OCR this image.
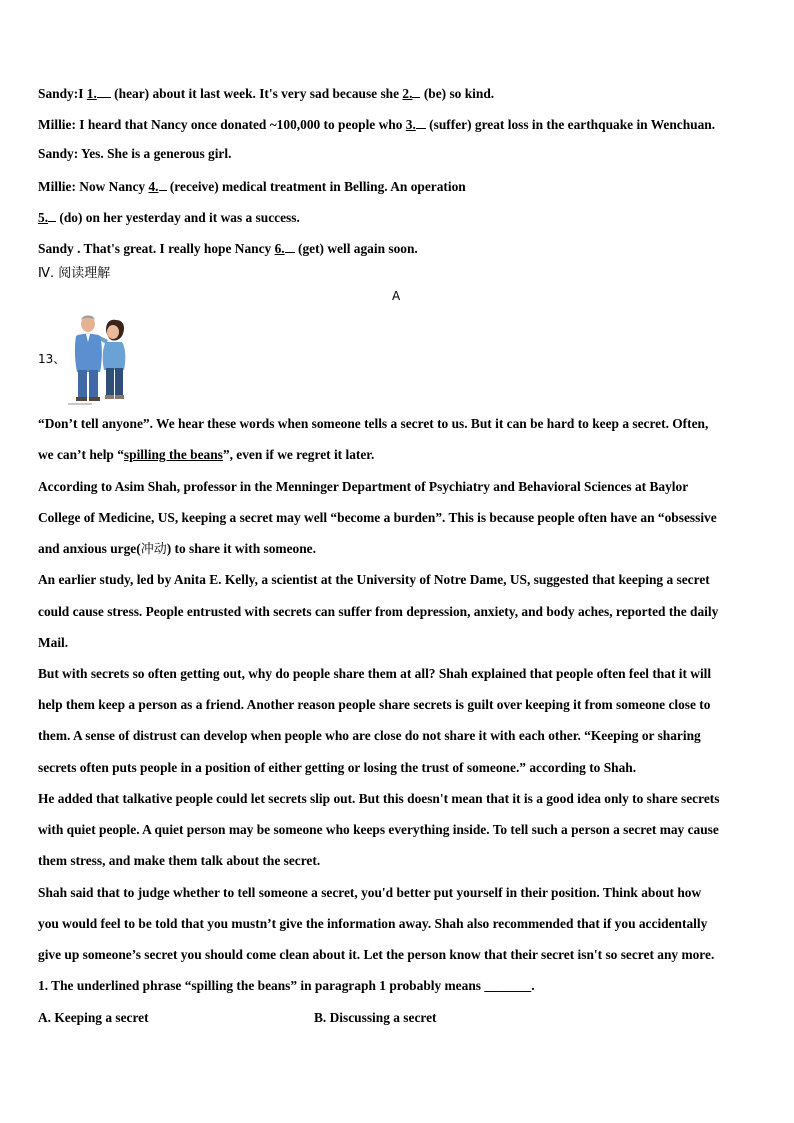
Sandy:I 1. (hear) about it last week. It's very sad because she 2. (be) so kind.
Millie: I heard that Nancy once donated ~100,000 to people who 3. (suffer) great loss in the earthquake in Wenchuan.
Sandy: Yes. She is a generous girl.
Millie: Now Nancy 4. (receive) medical treatment in Belling. An operation
5. (do) on her yesterday and it was a success.
Sandy . That's great. I really hope Nancy 6. (get) well again soon.
Ⅳ. 阅读理解
A
13、
“Don’t tell anyone”. We hear these words when someone tells a secret to us. But it can be hard to keep a secret. Often,
we can’t help “spilling the beans”, even if we regret it later.
According to Asim Shah, professor in the Menninger Department of Psychiatry and Behavioral Sciences at Baylor
College of Medicine, US, keeping a secret may well “become a burden”. This is because people often have an “obsessive
and anxious urge(冲动) to share it with someone.
An earlier study, led by Anita E. Kelly, a scientist at the University of Notre Dame, US, suggested that keeping a secret
could cause stress. People entrusted with secrets can suffer from depression, anxiety, and body aches, reported the daily
Mail.
But with secrets so often getting out, why do people share them at all? Shah explained that people often feel that it will
help them keep a person as a friend. Another reason people share secrets is guilt over keeping it from someone close to
them. A sense of distrust can develop when people who are close do not share it with each other. “Keeping or sharing
secrets often puts people in a position of either getting or losing the trust of someone.” according to Shah.
He added that talkative people could let secrets slip out. But this doesn't mean that it is a good idea only to share secrets
with quiet people. A quiet person may be someone who keeps everything inside. To tell such a person a secret may cause
them stress, and make them talk about the secret.
Shah said that to judge whether to tell someone a secret, you'd better put yourself in their position. Think about how
you would feel to be told that you mustn’t give the information away. Shah also recommended that if you accidentally
give up someone’s secret you should come clean about it. Let the person know that their secret isn't so secret any more.
1. The underlined phrase “spilling the beans” in paragraph 1 probably means _______.
A. Keeping a secret	B. Discussing a secret
